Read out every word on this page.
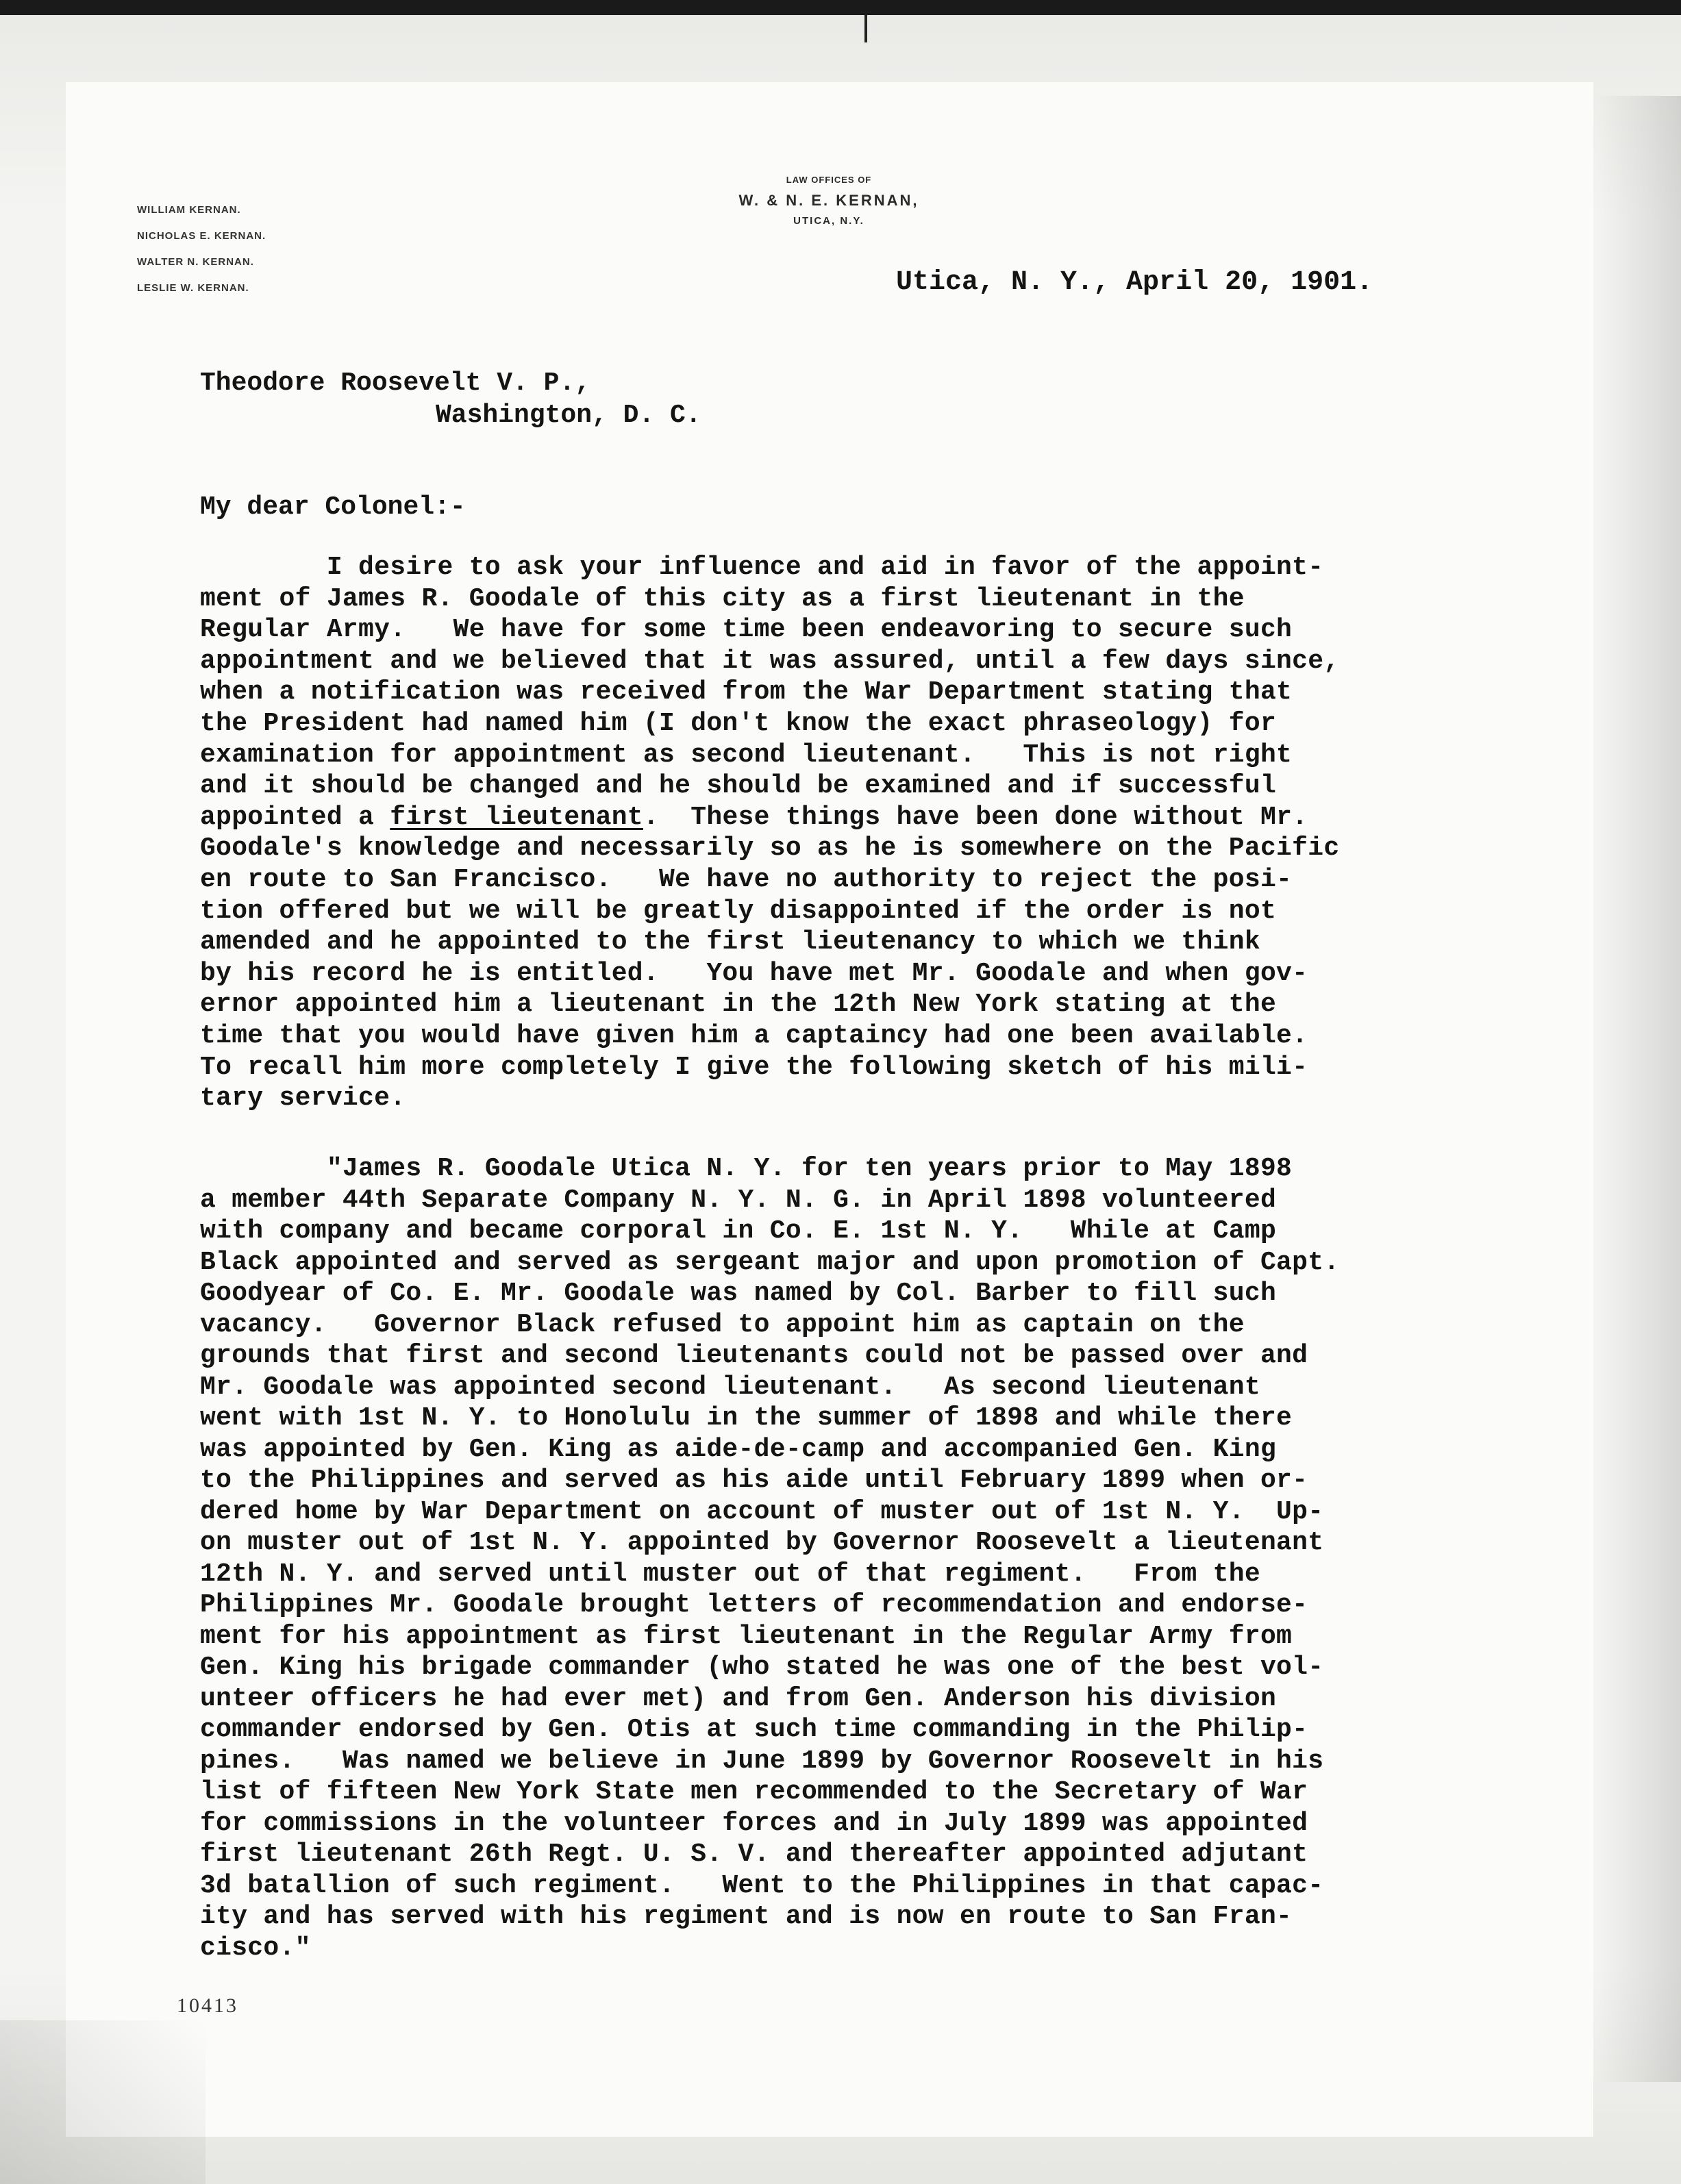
WILLIAM KERNAN.
NICHOLAS E. KERNAN.
WALTER N. KERNAN.
LESLIE W. KERNAN.
LAW OFFICES OF
W. & N. E. KERNAN,
UTICA, N.Y.
Utica, N. Y., April 20, 1901.
Theodore Roosevelt V. P.,
Washington, D. C.
My dear Colonel:-
I desire to ask your influence and aid in favor of the appoint-
ment of James R. Goodale of this city as a first lieutenant in the
Regular Army.   We have for some time been endeavoring to secure such
appointment and we believed that it was assured, until a few days since,
when a notification was received from the War Department stating that
the President had named him (I don't know the exact phraseology) for
examination for appointment as second lieutenant.   This is not right
and it should be changed and he should be examined and if successful
appointed a first lieutenant.  These things have been done without Mr.
Goodale's knowledge and necessarily so as he is somewhere on the Pacific
en route to San Francisco.   We have no authority to reject the posi-
tion offered but we will be greatly disappointed if the order is not
amended and he appointed to the first lieutenancy to which we think
by his record he is entitled.   You have met Mr. Goodale and when gov-
ernor appointed him a lieutenant in the 12th New York stating at the
time that you would have given him a captaincy had one been available.
To recall him more completely I give the following sketch of his mili-
tary service.
"James R. Goodale Utica N. Y. for ten years prior to May 1898
a member 44th Separate Company N. Y. N. G. in April 1898 volunteered
with company and became corporal in Co. E. 1st N. Y.   While at Camp
Black appointed and served as sergeant major and upon promotion of Capt.
Goodyear of Co. E. Mr. Goodale was named by Col. Barber to fill such
vacancy.   Governor Black refused to appoint him as captain on the
grounds that first and second lieutenants could not be passed over and
Mr. Goodale was appointed second lieutenant.   As second lieutenant
went with 1st N. Y. to Honolulu in the summer of 1898 and while there
was appointed by Gen. King as aide-de-camp and accompanied Gen. King
to the Philippines and served as his aide until February 1899 when or-
dered home by War Department on account of muster out of 1st N. Y.  Up-
on muster out of 1st N. Y. appointed by Governor Roosevelt a lieutenant
12th N. Y. and served until muster out of that regiment.   From the
Philippines Mr. Goodale brought letters of recommendation and endorse-
ment for his appointment as first lieutenant in the Regular Army from
Gen. King his brigade commander (who stated he was one of the best vol-
unteer officers he had ever met) and from Gen. Anderson his division
commander endorsed by Gen. Otis at such time commanding in the Philip-
pines.   Was named we believe in June 1899 by Governor Roosevelt in his
list of fifteen New York State men recommended to the Secretary of War
for commissions in the volunteer forces and in July 1899 was appointed
first lieutenant 26th Regt. U. S. V. and thereafter appointed adjutant
3d batallion of such regiment.   Went to the Philippines in that capac-
ity and has served with his regiment and is now en route to San Fran-
cisco."
10413
